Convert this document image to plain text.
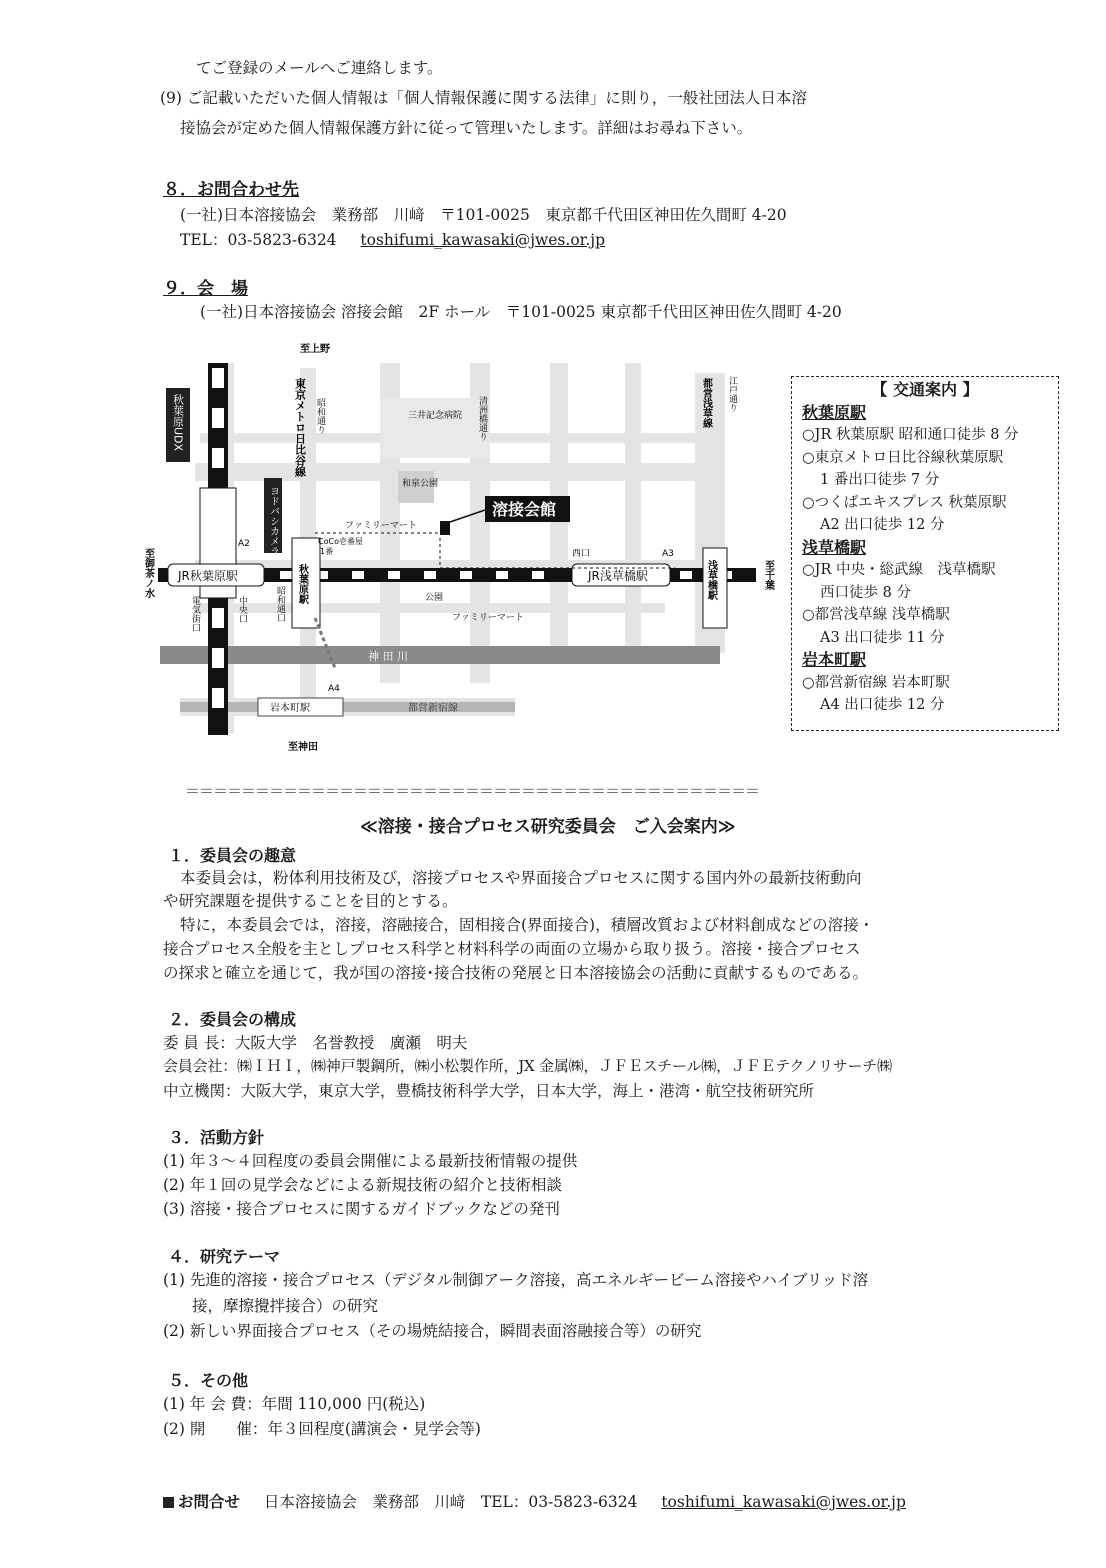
てご登録のメールへご連絡します。
(9) ご記載いただいた個人情報は「個人情報保護に関する法律」に則り，一般社団法人日本溶
接協会が定めた個人情報保護方針に従って管理いたします。詳細はお尋ね下さい。
８．お問合わせ先
(一社)日本溶接協会　業務部　川﨑　〒101-0025　東京都千代田区神田佐久間町 4-20
TEL：03-5823-6324 toshifumi_kawasaki@jwes.or.jp
９．会　場
(一社)日本溶接協会 溶接会館　2F ホール　〒101-0025 東京都千代田区神田佐久間町 4-20
神 田 川
都営新宿線
岩本町駅
JR秋葉原駅	JR浅草橋駅
溶接会館
至上野
至神田
至御茶ノ水	至千葉
秋葉原UDX	東京メトロ日比谷線 昭和通り	三井記念病院 清洲橋通り	都営浅草線 江戸通り
和泉公園
ヨドバシカメラ	ファミリーマート
CoCo壱番屋
1番
A2
A3
A4
西口
秋葉原駅	浅草橋駅
電気街口	中央口	昭和通口	公園
ファミリーマート
【 交通案内 】
秋葉原駅
○JR 秋葉原駅 昭和通口徒歩 8 分
○東京メトロ日比谷線秋葉原駅
1 番出口徒歩 7 分
○つくばエキスプレス 秋葉原駅
A2 出口徒歩 12 分
浅草橋駅
○JR 中央・総武線　浅草橋駅
西口徒歩 8 分
○都営浅草線 浅草橋駅
A3 出口徒歩 11 分
岩本町駅
○都営新宿線 岩本町駅
A4 出口徒歩 12 分
＝＝＝＝＝＝＝＝＝＝＝＝＝＝＝＝＝＝＝＝＝＝＝＝＝＝＝＝＝＝＝＝＝＝＝＝＝＝＝＝＝
≪溶接・接合プロセス研究委員会　ご入会案内≫
１．委員会の趣意
本委員会は，粉体利用技術及び，溶接プロセスや界面接合プロセスに関する国内外の最新技術動向
や研究課題を提供することを目的とする。
特に，本委員会では，溶接，溶融接合，固相接合(界面接合)，積層改質および材料創成などの溶接・
接合プロセス全般を主としプロセス科学と材料科学の両面の立場から取り扱う。溶接・接合プロセス
の探求と確立を通じて，我が国の溶接･接合技術の発展と日本溶接協会の活動に貢献するものである。
２．委員会の構成
委 員 長：大阪大学　名誉教授　廣瀬　明夫
会員会社：㈱ＩＨＩ，㈱神戸製鋼所，㈱小松製作所，JX 金属㈱，ＪＦＥスチール㈱，ＪＦＥテクノリサーチ㈱
中立機関：大阪大学，東京大学，豊橋技術科学大学，日本大学，海上・港湾・航空技術研究所
３．活動方針
(1) 年３～４回程度の委員会開催による最新技術情報の提供
(2) 年１回の見学会などによる新規技術の紹介と技術相談
(3) 溶接・接合プロセスに関するガイドブックなどの発刊
４．研究テーマ
(1) 先進的溶接・接合プロセス（デジタル制御アーク溶接，高エネルギービーム溶接やハイブリッド溶
接，摩擦攪拌接合）の研究
(2) 新しい界面接合プロセス（その場焼結接合，瞬間表面溶融接合等）の研究
５．その他
(1) 年 会 費：年間 110,000 円(税込)
(2) 開　　催：年３回程度(講演会・見学会等)
お問合せ 日本溶接協会　業務部　川﨑　TEL：03-5823-6324 toshifumi_kawasaki@jwes.or.jp
